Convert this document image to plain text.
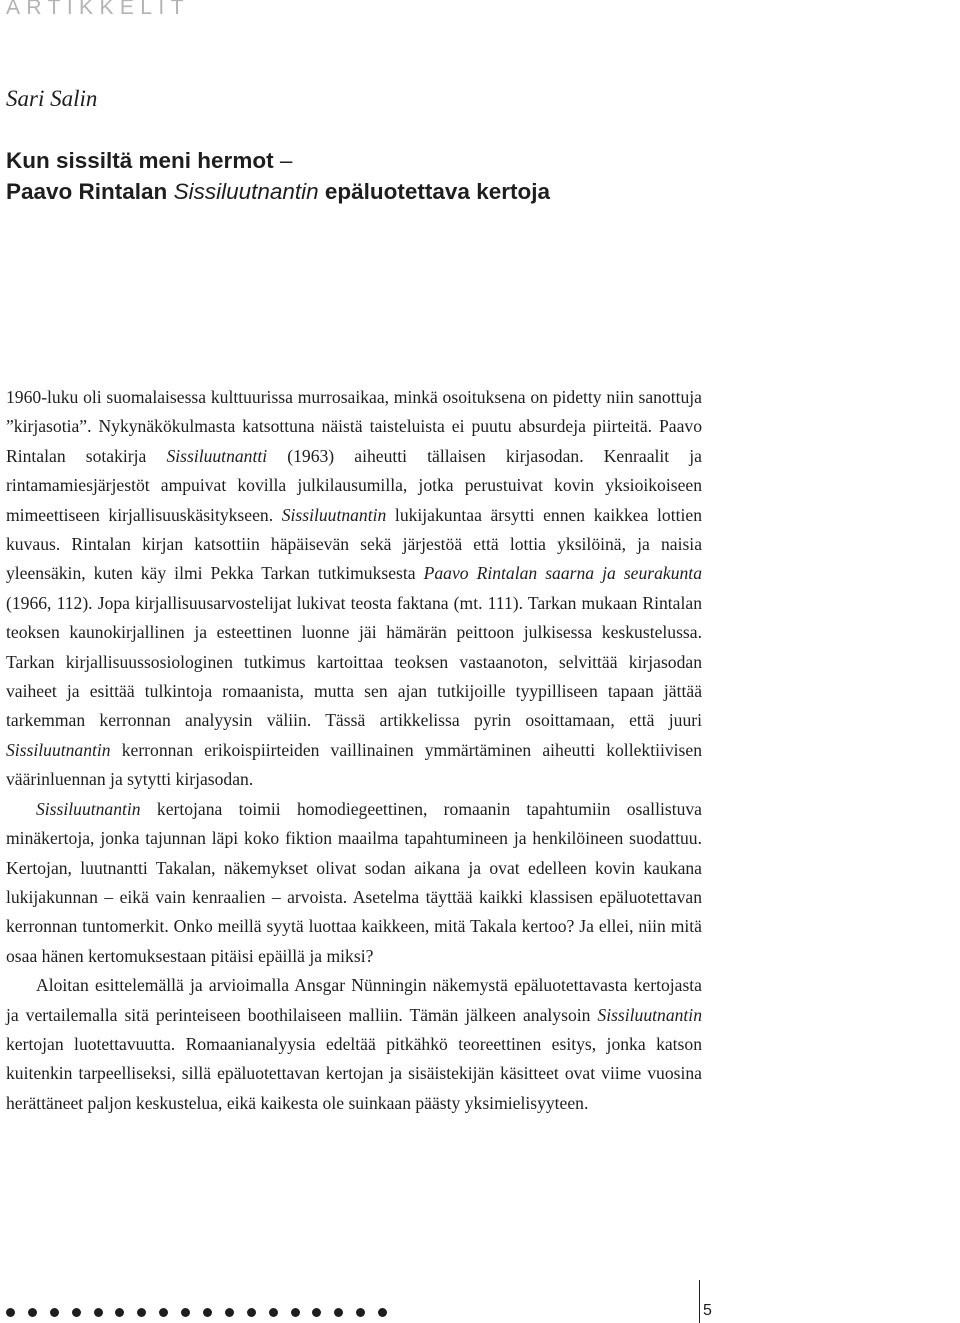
ARTIKKELIT
Sari Salin
Kun sissiltä meni hermot –
Paavo Rintalan Sissiluutnantin epäluotettava kertoja

1960-luku oli suomalaisessa kulttuurissa murrosaikaa, minkä osoituksena on pidetty niin sanottuja ”kirjasotia”. Nykynäkökulmasta katsottuna näistä taisteluista ei puutu absurdeja piirteitä. Paavo Rintalan sotakirja Sissiluutnantti (1963) aiheutti tällaisen kirjasodan. Kenraalit ja rintamamiesjärjestöt ampuivat kovilla julkilausumilla, jotka perustuivat kovin yksioikoiseen mimeettiseen kirjallisuuskäsitykseen. Sissiluutnantin lukijakuntaa ärsytti ennen kaikkea lottien kuvaus. Rintalan kirjan katsottiin häpäisevän sekä järjestöä että lottia yksilöinä, ja naisia yleensäkin, kuten käy ilmi Pekka Tarkan tutkimuksesta Paavo Rintalan saarna ja seurakunta (1966, 112). Jopa kirjallisuusarvostelijat lukivat teosta faktana (mt. 111). Tarkan mukaan Rintalan teoksen kaunokirjallinen ja esteettinen luonne jäi hämärän peittoon julkisessa keskustelussa. Tarkan kirjallisuussosiologinen tutkimus kartoittaa teoksen vastaanoton, selvittää kirjasodan vaiheet ja esittää tulkintoja romaanista, mutta sen ajan tutkijoille tyypilliseen tapaan jättää tarkemman kerronnan analyysin väliin. Tässä artikkelissa pyrin osoittamaan, että juuri Sissiluutnantin kerronnan erikoispiirteiden vaillinainen ymmärtäminen aiheutti kollektiivisen väärinluennan ja sytytti kirjasodan.

Sissiluutnantin kertojana toimii homodiegeettinen, romaanin tapahtumiin osallistuva minäkertoja, jonka tajunnan läpi koko fiktion maailma tapahtumineen ja henkilöineen suodattuu. Kertojan, luutnantti Takalan, näkemykset olivat sodan aikana ja ovat edelleen kovin kaukana lukijakunnan – eikä vain kenraalien – arvoista. Asetelma täyttää kaikki klassisen epäluotettavan kerronnan tuntomerkit. Onko meillä syytä luottaa kaikkeen, mitä Takala kertoo? Ja ellei, niin mitä osaa hänen kertomuksestaan pitäisi epäillä ja miksi?

Aloitan esittelemällä ja arvioimalla Ansgar Nünningin näkemystä epäluotettavasta kertojasta ja vertailemalla sitä perinteiseen boothilaiseen malliin. Tämän jälkeen analysoin Sissiluutnantin kertojan luotettavuutta. Romaanianalyysia edeltää pitkähkö teoreettinen esitys, jonka katson kuitenkin tarpeelliseksi, sillä epäluotettavan kertojan ja sisäistekijän käsitteet ovat viime vuosina herättäneet paljon keskustelua, eikä kaikesta ole suinkaan päästy yksimielisyyteen.

5
